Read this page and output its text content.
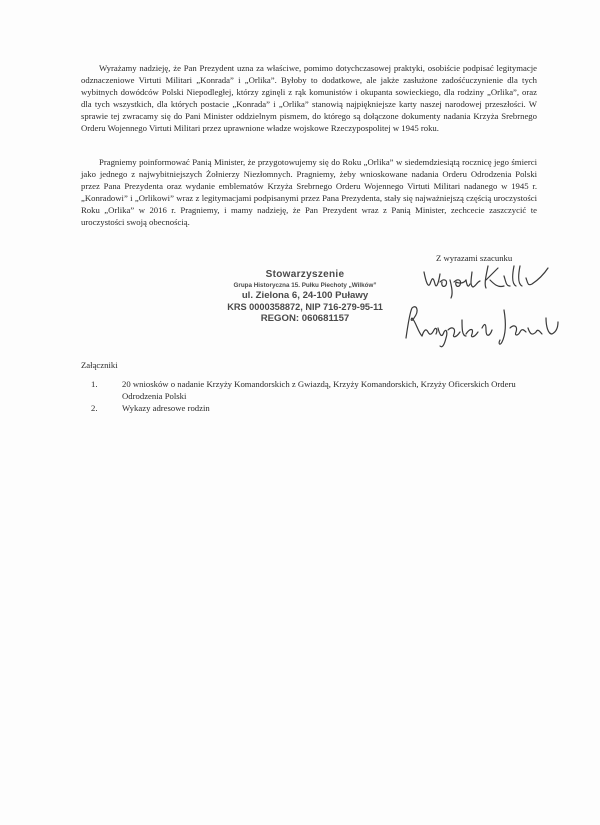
Wyrażamy nadzieję, że Pan Prezydent uzna za właściwe, pomimo dotychczasowej praktyki, osobiście podpisać legitymacje odznaczeniowe Virtuti Militari „Konrada” i „Orlika”. Byłoby to dodatkowe, ale jakże zasłużone zadośćuczynienie dla tych wybitnych dowódców Polski Niepodległej, którzy zginęli z rąk komunistów i okupanta sowieckiego, dla rodziny „Orlika”, oraz dla tych wszystkich, dla których postacie „Konrada” i „Orlika” stanowią najpiękniejsze karty naszej narodowej przeszłości. W sprawie tej zwracamy się do Pani Minister oddzielnym pismem, do którego są dołączone dokumenty nadania Krzyża Srebrnego Orderu Wojennego Virtuti Militari przez uprawnione władze wojskowe Rzeczypospolitej w 1945 roku.

Pragniemy poinformować Panią Minister, że przygotowujemy się do Roku „Orlika” w siedemdziesiątą rocznicę jego śmierci jako jednego z najwybitniejszych Żołnierzy Niezłomnych. Pragniemy, żeby wnioskowane nadania Orderu Odrodzenia Polski przez Pana Prezydenta oraz wydanie emblematów Krzyża Srebrnego Orderu Wojennego Virtuti Militari nadanego w 1945 r. „Konradowi” i „Orlikowi” wraz z legitymacjami podpisanymi przez Pana Prezydenta, stały się najważniejszą częścią uroczystości Roku „Orlika” w 2016 r. Pragniemy, i mamy nadzieję, że Pan Prezydent wraz z Panią Minister, zechcecie zaszczycić te uroczystości swoją obecnością.

Z wyrazami szacunku
Stowarzyszenie
Grupa Historyczna 15. Pułku Piechoty „Wilków”
ul. Zielona 6, 24-100 Puławy
KRS 0000358872, NIP 716-279-95-11
REGON: 060681157

Załączniki

1.	20 wniosków o nadanie Krzyży Komandorskich z Gwiazdą, Krzyży Komandorskich, Krzyży Oficerskich Orderu Odrodzenia Polski
2.	Wykazy adresowe rodzin
